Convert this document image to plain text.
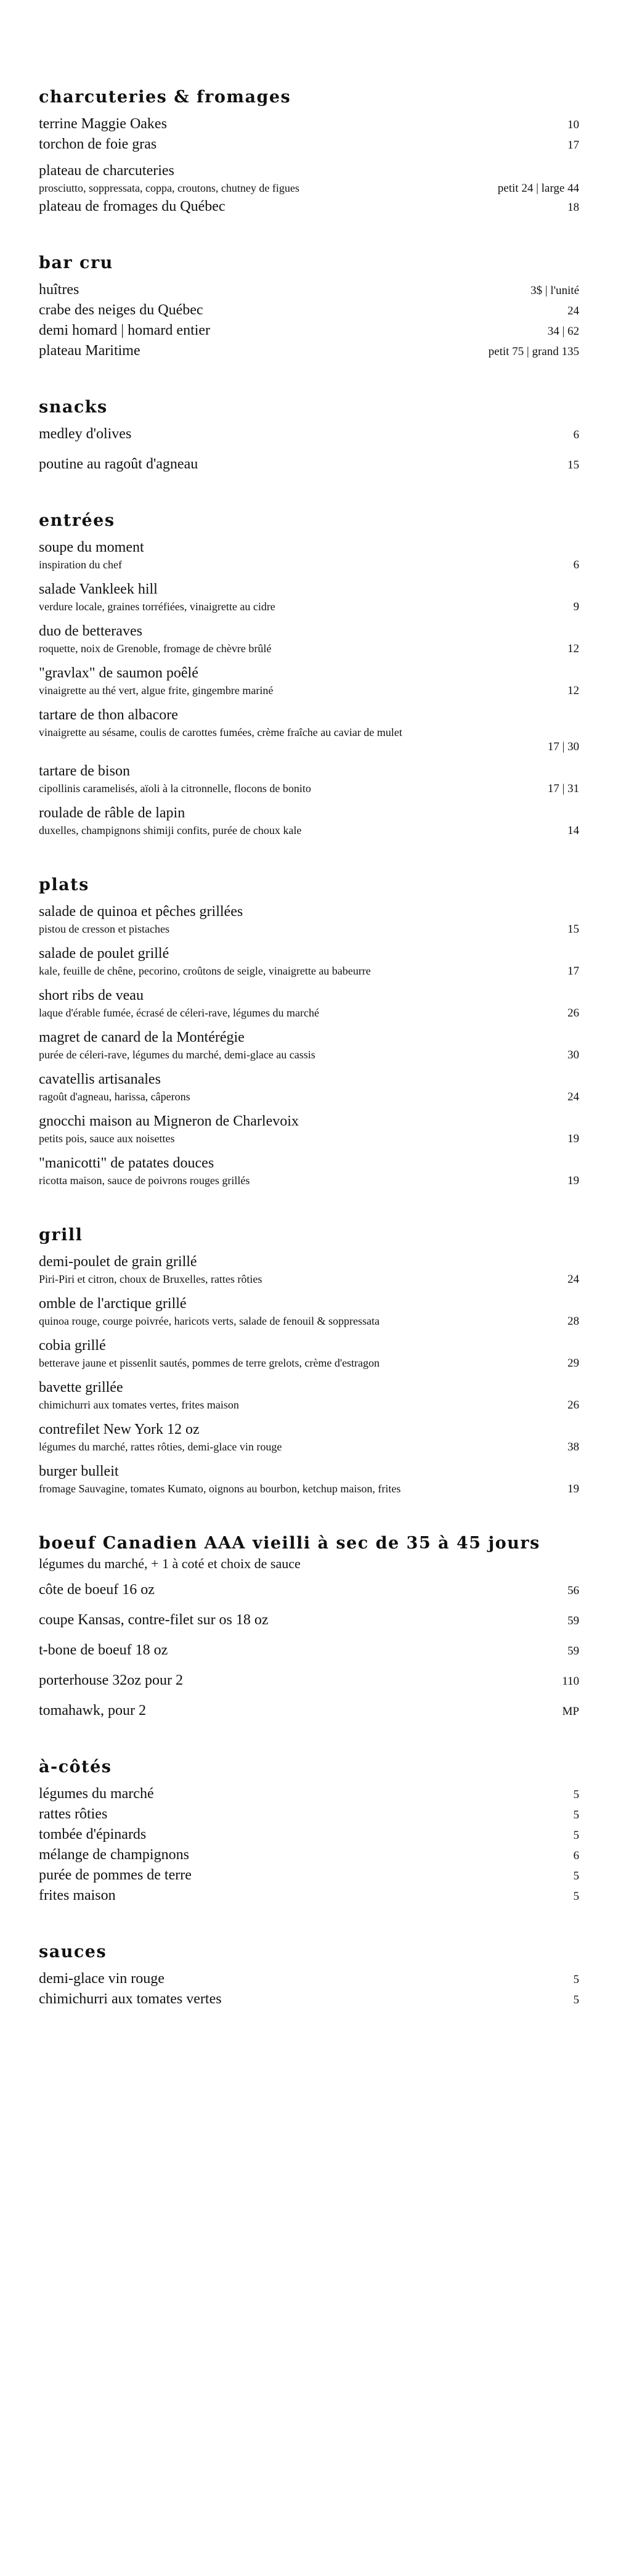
charcuteries & fromages
terrine Maggie Oakes	10
torchon de foie gras	17
plateau de charcuteries
prosciutto, soppressata, coppa, croutons, chutney de figues	petit 24 | large 44
plateau de fromages du Québec	18
bar cru
huîtres	3$ | l'unité
crabe des neiges du Québec	24
demi homard | homard entier	34 | 62
plateau Maritime	petit 75 | grand 135
snacks
medley d'olives	6
poutine au ragoût d'agneau	15
entrées
soupe du moment
inspiration du chef	6
salade Vankleek hill
verdure locale, graines torréfiées, vinaigrette au cidre	9
duo de betteraves
roquette, noix de Grenoble, fromage de chèvre brûlé	12
"gravlax" de saumon poêlé
vinaigrette au thé vert, algue frite, gingembre mariné	12
tartare de thon albacore
vinaigrette au sésame, coulis de carottes fumées, crème fraîche au caviar de mulet
17 | 30
tartare de bison
cipollinis caramelisés, aïoli à la citronnelle, flocons de bonito	17 | 31
roulade de râble de lapin
duxelles, champignons shimiji confits, purée de choux kale	14
plats
salade de quinoa et pêches grillées
pistou de cresson et pistaches	15
salade de poulet grillé
kale, feuille de chêne, pecorino, croûtons de seigle, vinaigrette au babeurre	17
short ribs de veau
laque d'érable fumée, écrasé de céleri-rave, légumes du marché	26
magret de canard de la Montérégie
purée de céleri-rave, légumes du marché, demi-glace au cassis	30
cavatellis artisanales
ragoût d'agneau, harissa, câperons	24
gnocchi maison au Migneron de Charlevoix
petits pois, sauce aux noisettes	19
"manicotti" de patates douces
ricotta maison, sauce de poivrons rouges grillés	19
grill
demi-poulet de grain grillé
Piri-Piri et citron, choux de Bruxelles, rattes rôties	24
omble de l'arctique grillé
quinoa rouge, courge poivrée, haricots verts, salade de fenouil & soppressata	28
cobia grillé
betterave jaune et pissenlit sautés, pommes de terre grelots, crème d'estragon	29
bavette grillée
chimichurri aux tomates vertes, frites maison	26
contrefilet New York 12 oz
légumes du marché, rattes rôties, demi-glace vin rouge	38
burger bulleit
fromage Sauvagine, tomates Kumato, oignons au bourbon, ketchup maison, frites	19
boeuf Canadien AAA vieilli à sec de 35 à 45 jours
légumes du marché, + 1 à coté et choix de sauce
côte de boeuf 16 oz	56
coupe Kansas, contre-filet sur os 18 oz	59
t-bone de boeuf 18 oz	59
porterhouse 32oz pour 2	110
tomahawk, pour 2	MP
à-côtés
légumes du marché	5
rattes rôties	5
tombée d'épinards	5
mélange de champignons	6
purée de pommes de terre	5
frites maison	5
sauces
demi-glace vin rouge	5
chimichurri aux tomates vertes	5
